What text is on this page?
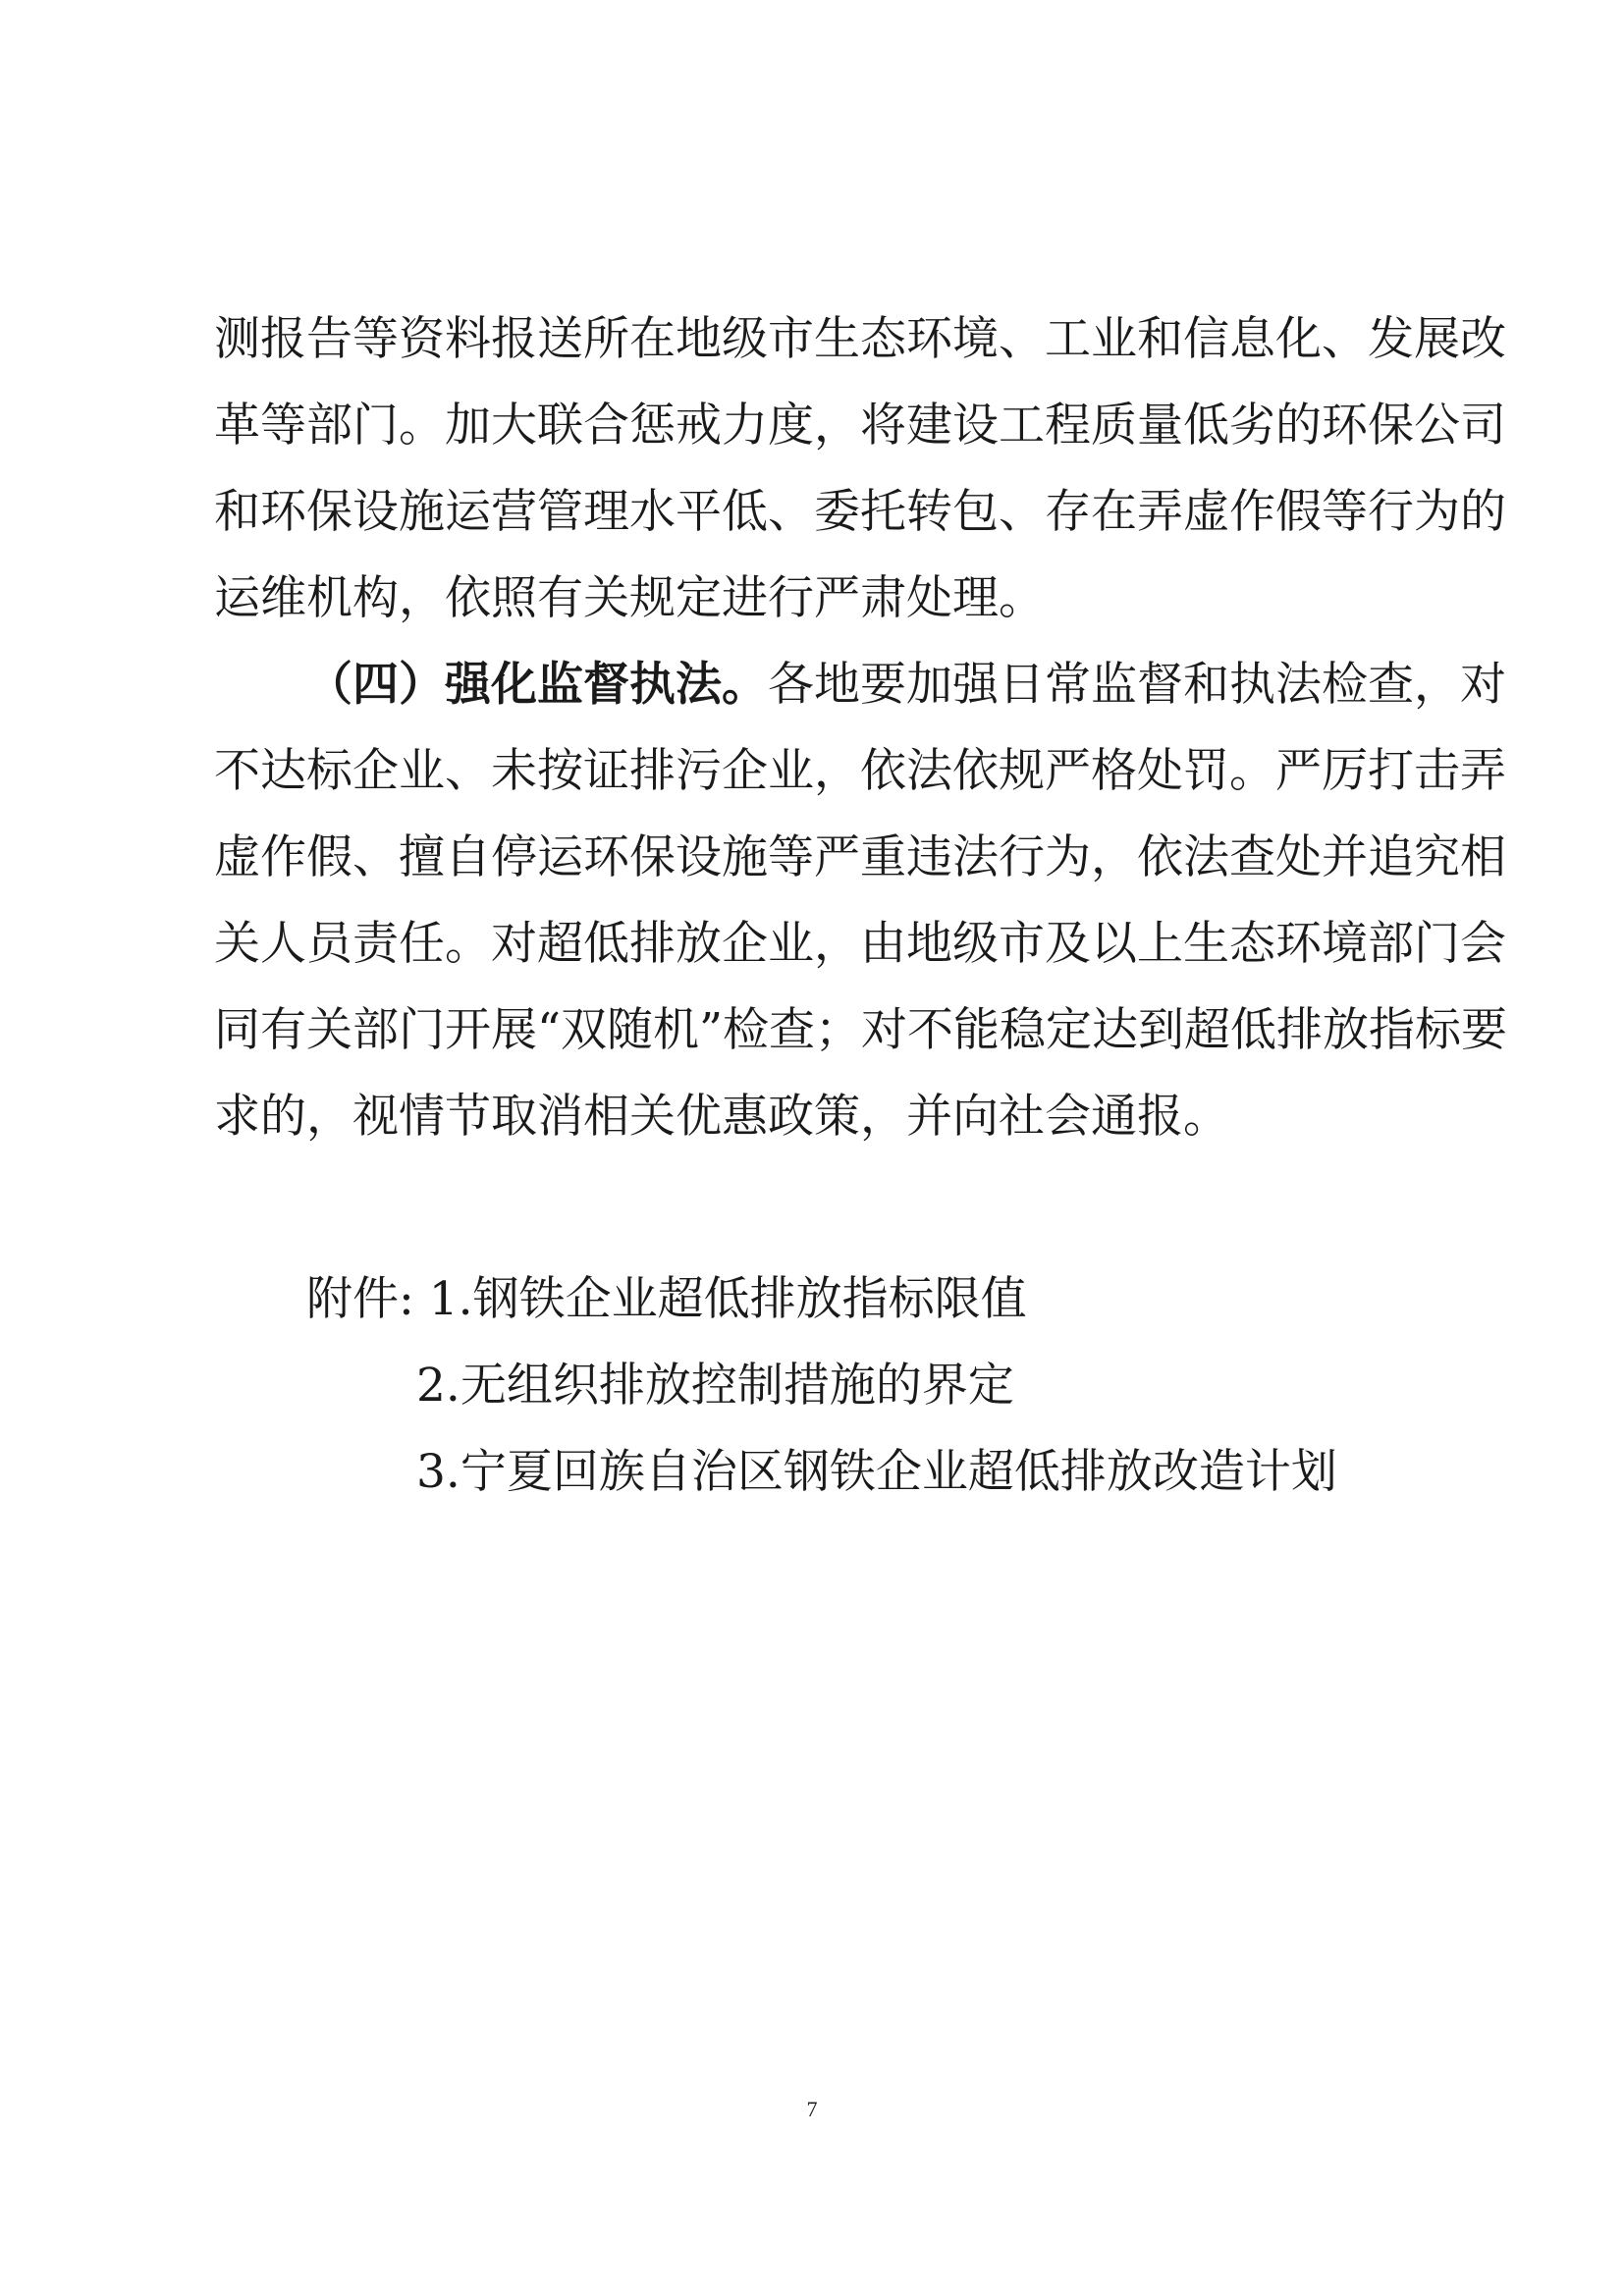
测报告等资料报送所在地级市生态环境、工业和信息化、发展改
革等部门。加大联合惩戒力度，将建设工程质量低劣的环保公司
和环保设施运营管理水平低、委托转包、存在弄虚作假等行为的
运维机构，依照有关规定进行严肃处理。
（四）强化监督执法。各地要加强日常监督和执法检查，对
不达标企业、未按证排污企业，依法依规严格处罚。严厉打击弄
虚作假、擅自停运环保设施等严重违法行为，依法查处并追究相
关人员责任。对超低排放企业，由地级市及以上生态环境部门会
同有关部门开展“双随机”检查；对不能稳定达到超低排放指标要
求的，视情节取消相关优惠政策，并向社会通报。
附件: 1.钢铁企业超低排放指标限值
2.无组织排放控制措施的界定
3.宁夏回族自治区钢铁企业超低排放改造计划
7
